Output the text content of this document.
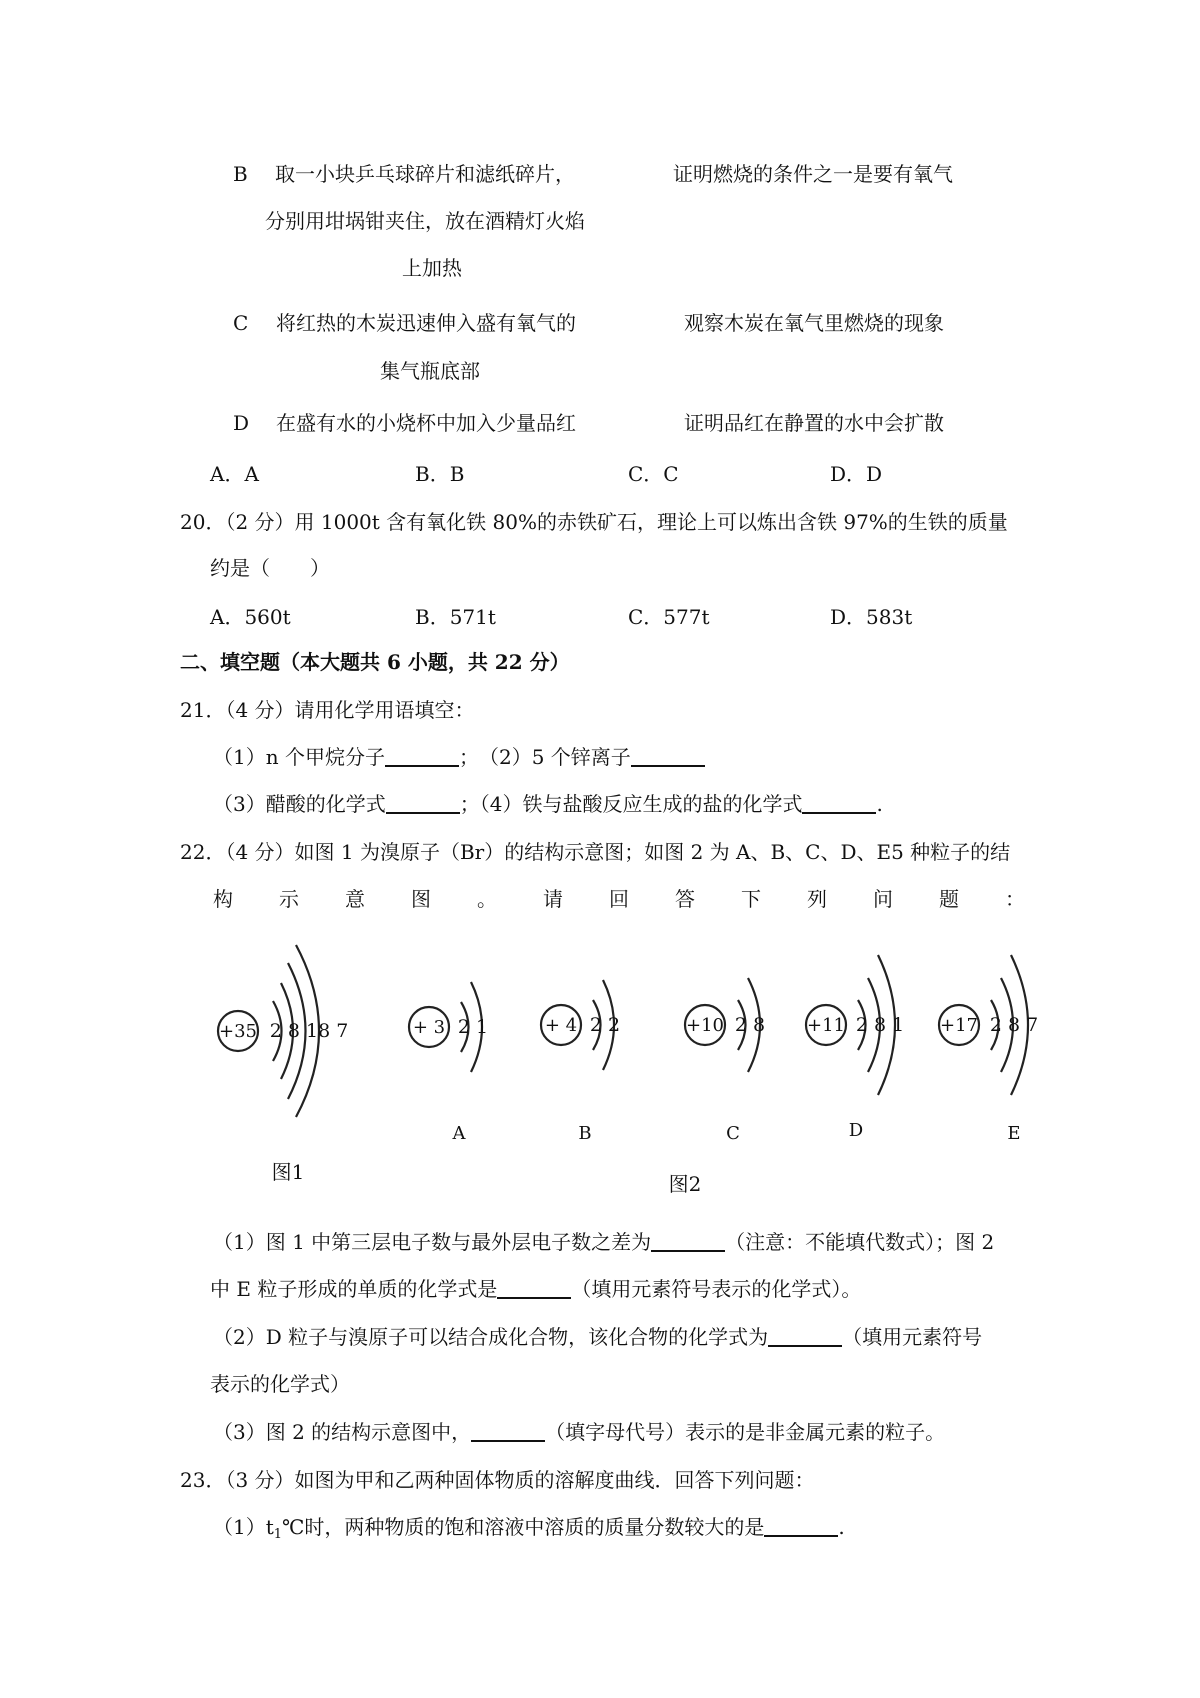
B 取一小块乒乓球碎片和滤纸碎片，	证明燃烧的条件之一是要有氧气
分别用坩埚钳夹住，放在酒精灯火焰
上加热
C 将红热的木炭迅速伸入盛有氧气的	观察木炭在氧气里燃烧的现象
集气瓶底部
D 在盛有水的小烧杯中加入少量品红	证明品红在静置的水中会扩散
A．A	B．B	C．C	D．D
20．（2 分）用 1000t 含有氧化铁 80%的赤铁矿石，理论上可以炼出含铁 97%的生铁的质量
约是（　　）
A．560t	B．571t	C．577t	D．583t
二、填空题（本大题共 6 小题，共 22 分）
21．（4 分）请用化学用语填空：
（1）n 个甲烷分子	；　（2）5 个锌离子
（3）醋酸的化学式	；（4）铁与盐酸反应生成的盐的化学式	.
22．（4 分）如图 1 为溴原子（Br）的结构示意图；如图 2 为 A、B、C、D、E5 种粒子的结
构 示 意 图 。 请 回 答 下 列 问 题 ：
+35 2 8 18 7	+ 3 2 1	+ 4 2 2	+10 2 8 +11 2 8 1 +17 2 8 7
A	B	C	D	E
图1	图2
（1）图 1 中第三层电子数与最外层电子数之差为	（注意：不能填代数式）；图 2
中 E 粒子形成的单质的化学式是	（填用元素符号表示的化学式）。
（2）D 粒子与溴原子可以结合成化合物，该化合物的化学式为	（填用元素符号
表示的化学式）
（3）图 2 的结构示意图中，	（填字母代号）表示的是非金属元素的粒子。
23．（3 分）如图为甲和乙两种固体物质的溶解度曲线．回答下列问题：
$(1)t_1℃$时，两种物质的饱和溶液中溶质的质量分数较大的是	.
